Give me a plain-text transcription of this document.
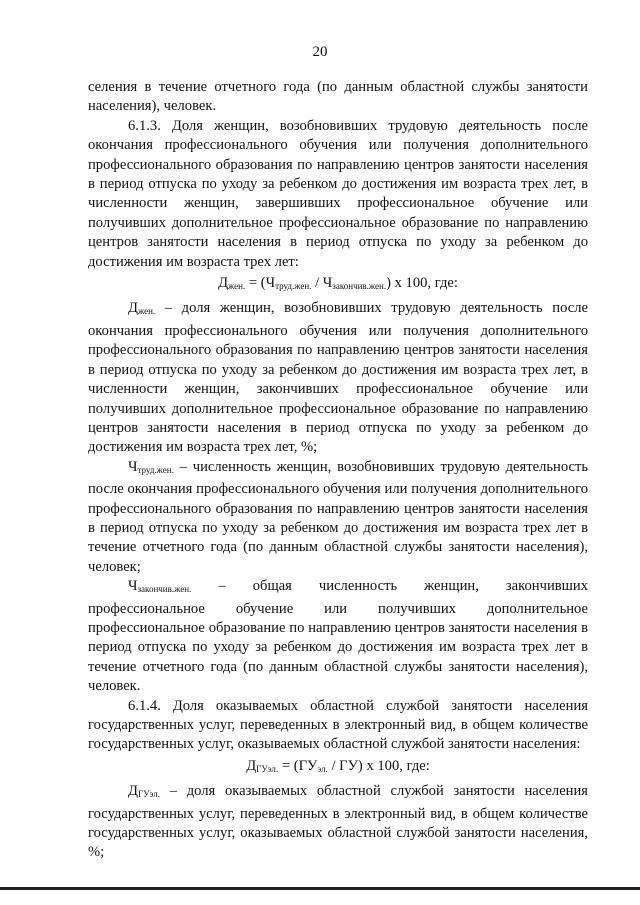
20

селения в течение отчетного года (по данным областной службы занятости населения), человек.

6.1.3. Доля женщин, возобновивших трудовую деятельность после окончания профессионального обучения или получения дополнительного профессионального образования по направлению центров занятости населения в период отпуска по уходу за ребенком до достижения им возраста трех лет, в численности женщин, завершивших профессиональное обучение или получивших дополнительное профессиональное образование по направлению центров занятости населения в период отпуска по уходу за ребенком до достижения им возраста трех лет:

$Д_{жен.} = (Ч_{труд.жен.} / Ч_{закончив.жен.})$ х 100, где:

$Д_{жен.}$ – доля женщин, возобновивших трудовую деятельность после окончания профессионального обучения или получения дополнительного профессионального образования по направлению центров занятости населения в период отпуска по уходу за ребенком до достижения им возраста трех лет, в численности женщин, закончивших профессиональное обучение или получивших дополнительное профессиональное образование по направлению центров занятости населения в период отпуска по уходу за ребенком до достижения им возраста трех лет, %;

$Ч_{труд.жен.}$ – численность женщин, возобновивших трудовую деятельность после окончания профессионального обучения или получения дополнительного профессионального образования по направлению центров занятости населения в период отпуска по уходу за ребенком до достижения им возраста трех лет в течение отчетного года (по данным областной службы занятости населения), человек;

$Ч_{закончив.жен.}$ – общая численность женщин, закончивших

профессиональное обучение или получивших дополнительное

профессиональное образование по направлению центров занятости населения в период отпуска по уходу за ребенком до достижения им возраста трех лет в течение отчетного года (по данным областной службы занятости населения), человек.

6.1.4. Доля оказываемых областной службой занятости населения государственных услуг, переведенных в электронный вид, в общем количестве государственных услуг, оказываемых областной службой занятости населения:

$Д_{ГУэл.} = (ГУ_{эл.} / ГУ)$ х 100, где:

$Д_{ГУэл.}$ – доля оказываемых областной службой занятости населения государственных услуг, переведенных в электронный вид, в общем количестве государственных услуг, оказываемых областной службой занятости населения, %;
